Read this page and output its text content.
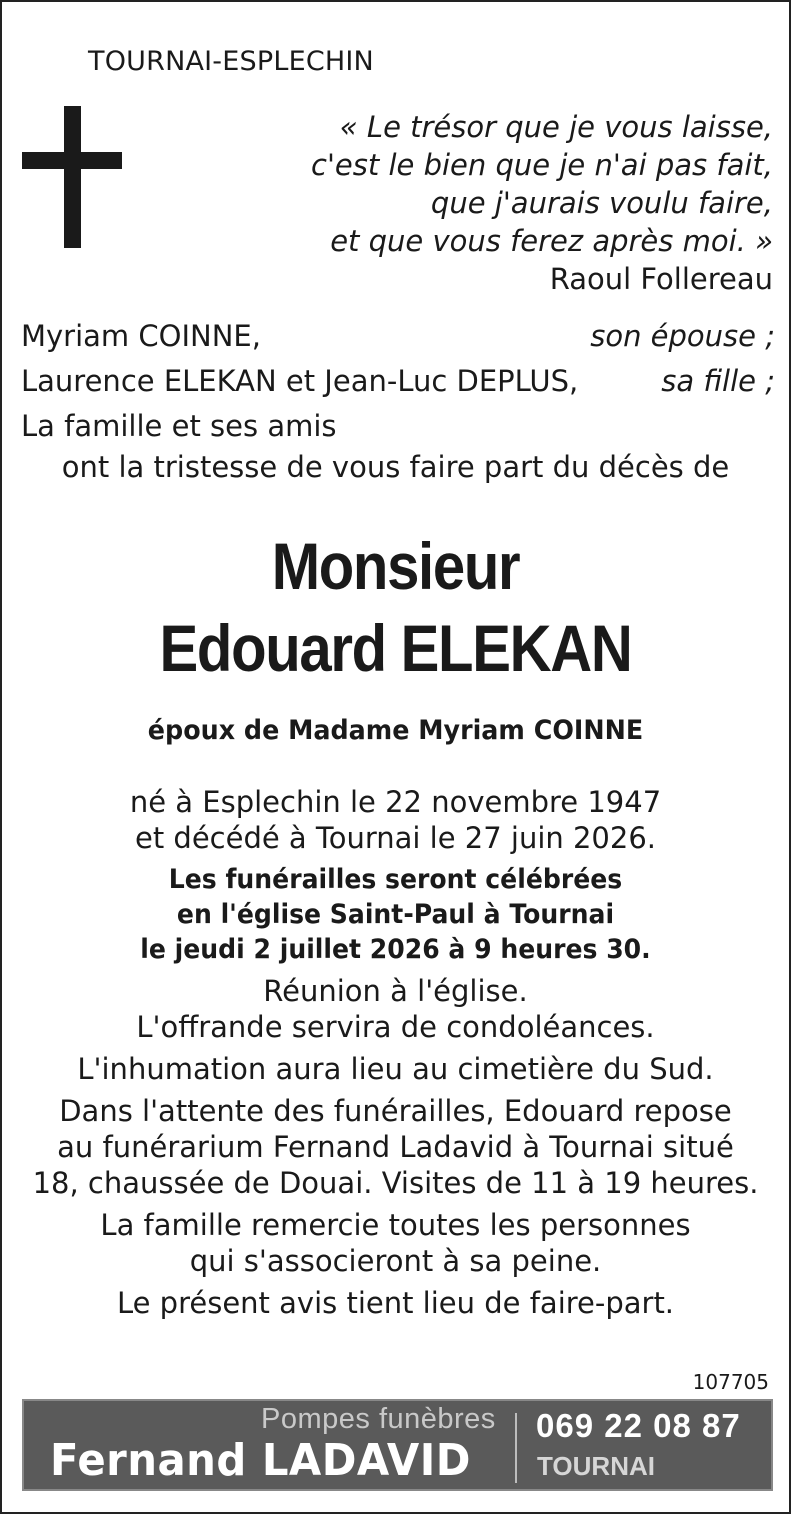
TOURNAI-ESPLECHIN
« Le trésor que je vous laisse,
c'est le bien que je n'ai pas fait,
que j'aurais voulu faire,
et que vous ferez après moi. »
Raoul Follereau
Myriam COINNE,	son épouse ;
Laurence ELEKAN et Jean-Luc DEPLUS,	sa fille ;
La famille et ses amis
ont la tristesse de vous faire part du décès de
Monsieur
Edouard ELEKAN
époux de Madame Myriam COINNE
né à Esplechin le 22 novembre 1947
et décédé à Tournai le 27 juin 2026.
Les funérailles seront célébrées
en l'église Saint-Paul à Tournai
le jeudi 2 juillet 2026 à 9 heures 30.
Réunion à l'église.
L'offrande servira de condoléances.
L'inhumation aura lieu au cimetière du Sud.
Dans l'attente des funérailles, Edouard repose
au funérarium Fernand Ladavid à Tournai situé
18, chaussée de Douai. Visites de 11 à 19 heures.
La famille remercie toutes les personnes
qui s'associeront à sa peine.
Le présent avis tient lieu de faire-part.
107705
Pompes funèbres
Fernand LADAVID
069 22 08 87
TOURNAI
